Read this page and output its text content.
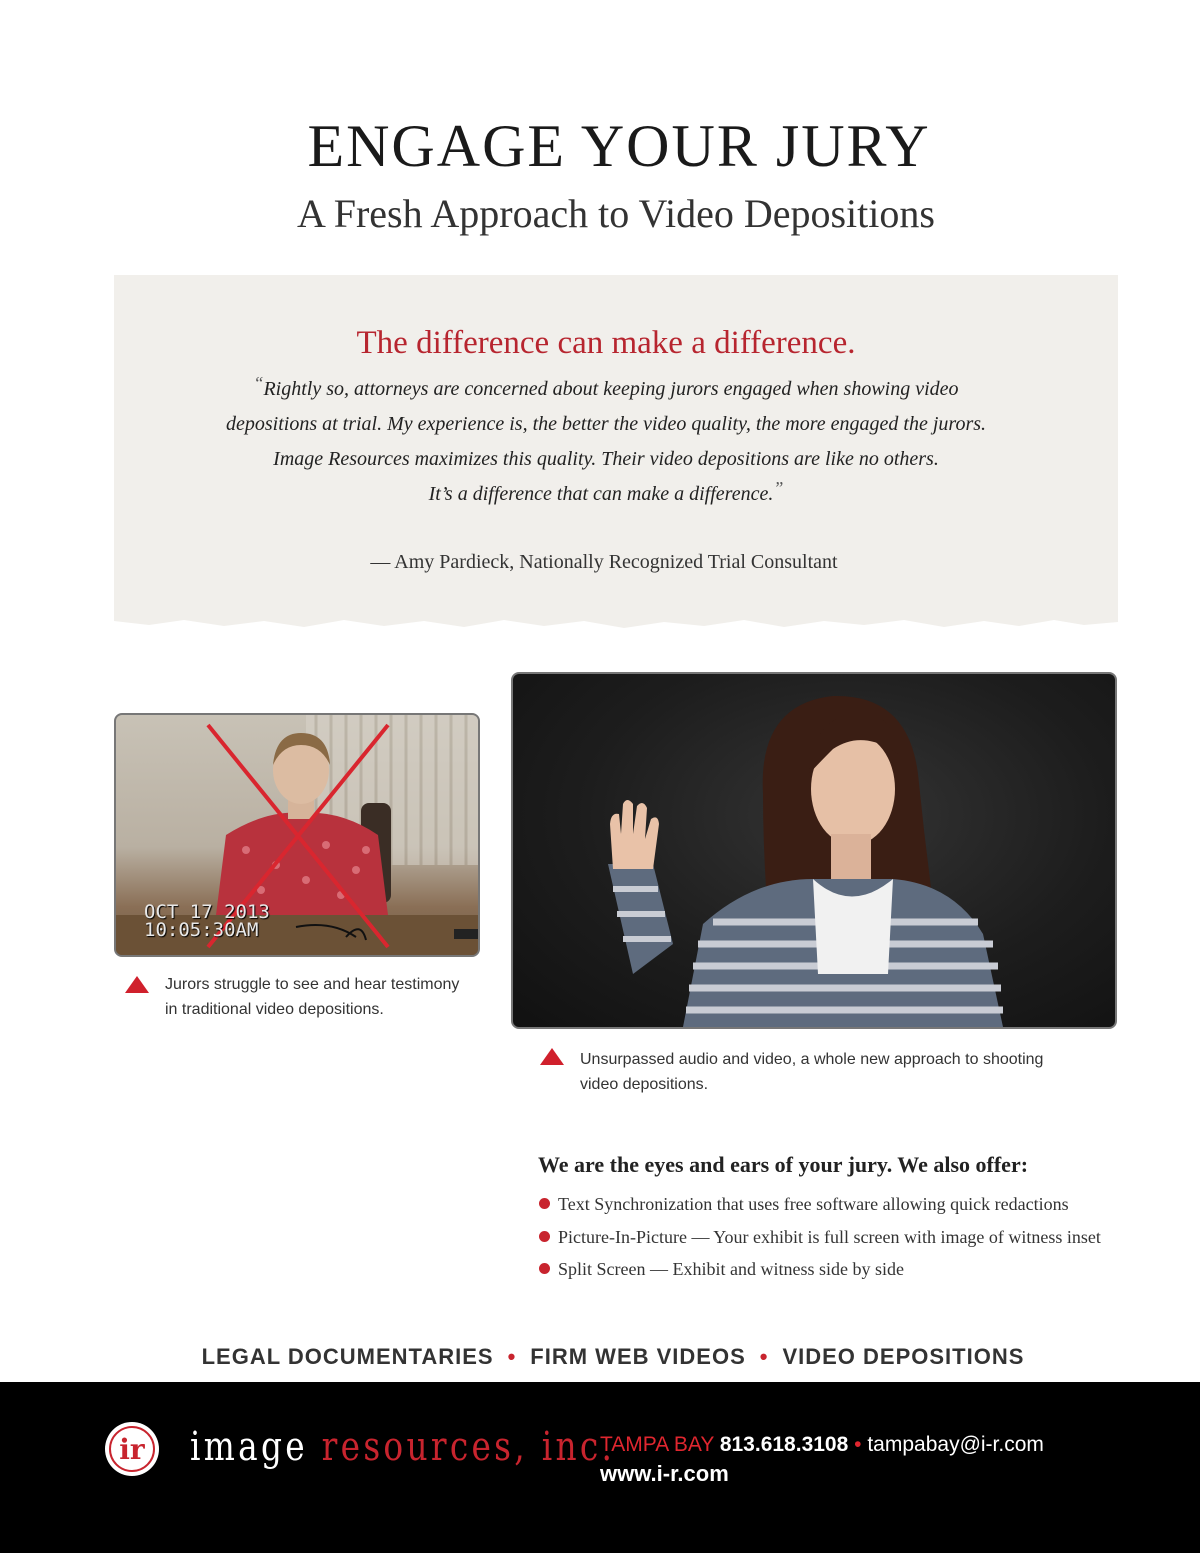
ENGAGE YOUR JURY
A Fresh Approach to Video Depositions
The difference can make a difference.
“Rightly so, attorneys are concerned about keeping jurors engaged when showing video
depositions at trial. My experience is, the better the video quality, the more engaged the jurors.
Image Resources maximizes this quality. Their video depositions are like no others.
It’s a difference that can make a difference.”
— Amy Pardieck, Nationally Recognized Trial Consultant
OCT 17 2013
10:05:30AM
Jurors struggle to see and hear testimony
in traditional video depositions.
Unsurpassed audio and video, a whole new approach to shooting
video depositions.
We are the eyes and ears of your jury. We also offer:
Text Synchronization that uses free software allowing quick redactions
Picture-In-Picture — Your exhibit is full screen with image of witness inset
Split Screen — Exhibit and witness side by side
LEGAL DOCUMENTARIES • FIRM WEB VIDEOS • VIDEO DEPOSITIONS
ir image resources, inc.
TAMPA BAY 813.618.3108 • tampabay@i-r.com
www.i-r.com
